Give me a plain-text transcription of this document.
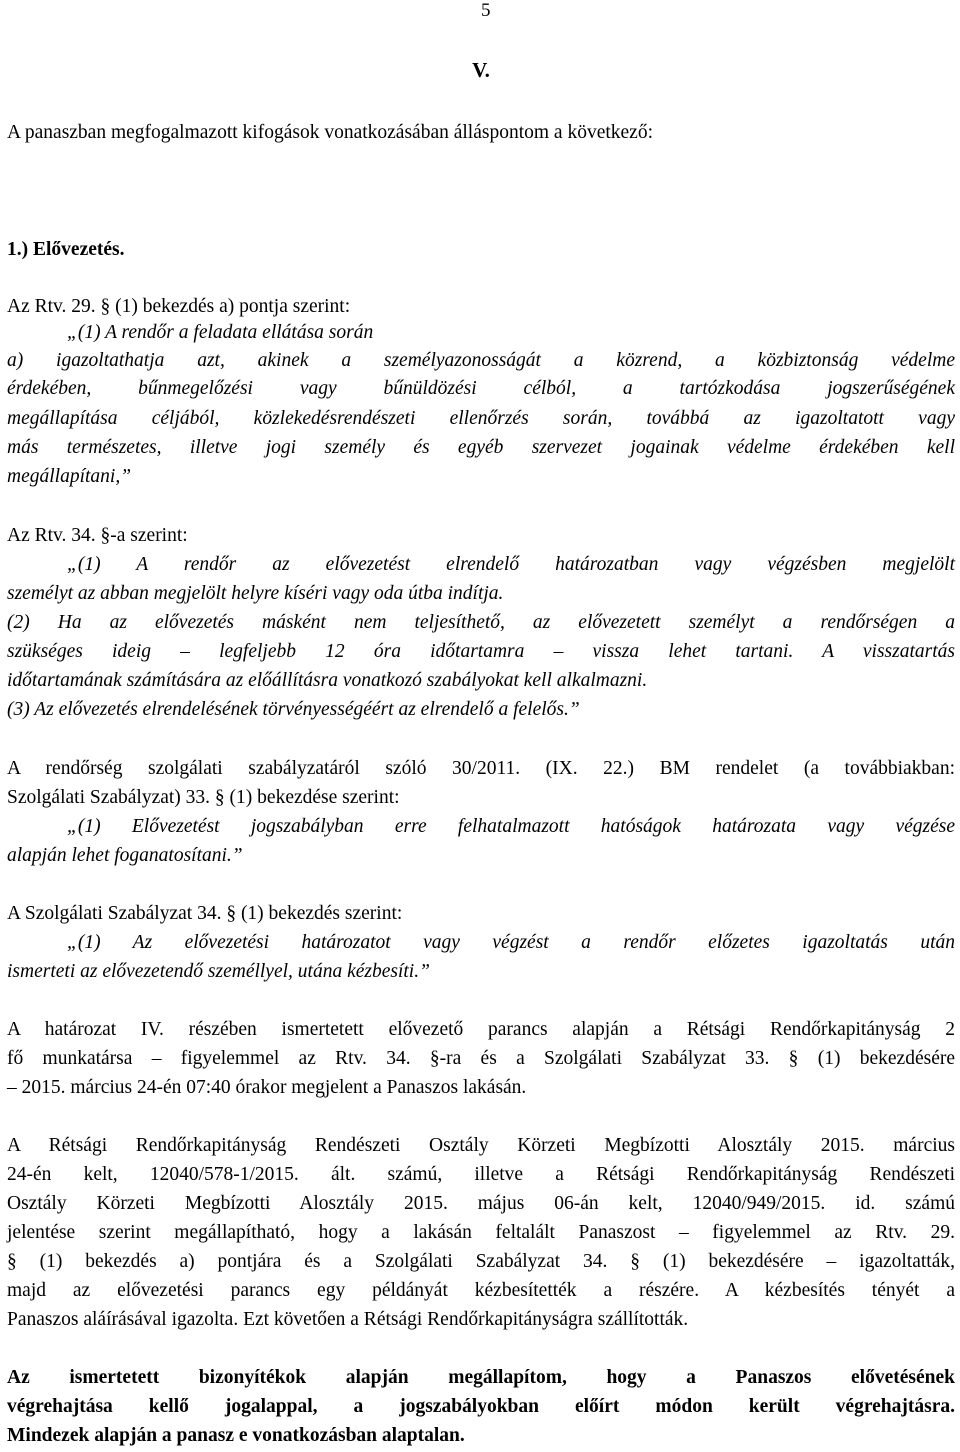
5
V.
A panaszban megfogalmazott kifogások vonatkozásában álláspontom a következő:
1.) Elővezetés.
Az Rtv. 29. § (1) bekezdés a) pontja szerint:
„(1) A rendőr a feladata ellátása során
a) igazoltathatja azt, akinek a személyazonosságát a közrend, a közbiztonság védelme
érdekében, bűnmegelőzési vagy bűnüldözési célból, a tartózkodása jogszerűségének
megállapítása céljából, közlekedésrendészeti ellenőrzés során, továbbá az igazoltatott vagy
más természetes, illetve jogi személy és egyéb szervezet jogainak védelme érdekében kell
megállapítani,”
Az Rtv. 34. §-a szerint:
„(1) A rendőr az elővezetést elrendelő határozatban vagy végzésben megjelölt
személyt az abban megjelölt helyre kíséri vagy oda útba indítja.
(2) Ha az elővezetés másként nem teljesíthető, az elővezetett személyt a rendőrségen a
szükséges ideig – legfeljebb 12 óra időtartamra – vissza lehet tartani. A visszatartás
időtartamának számítására az előállításra vonatkozó szabályokat kell alkalmazni.
(3) Az elővezetés elrendelésének törvényességéért az elrendelő a felelős.”
A rendőrség szolgálati szabályzatáról szóló 30/2011. (IX. 22.) BM rendelet (a továbbiakban:
Szolgálati Szabályzat) 33. § (1) bekezdése szerint:
„(1) Elővezetést jogszabályban erre felhatalmazott hatóságok határozata vagy végzése
alapján lehet foganatosítani.”
A Szolgálati Szabályzat 34. § (1) bekezdés szerint:
„(1) Az elővezetési határozatot vagy végzést a rendőr előzetes igazoltatás után
ismerteti az elővezetendő személlyel, utána kézbesíti.”
A határozat IV. részében ismertetett elővezető parancs alapján a Rétsági Rendőrkapitányság 2
fő munkatársa – figyelemmel az Rtv. 34. §-ra és a Szolgálati Szabályzat 33. § (1) bekezdésére
– 2015. március 24-én 07:40 órakor megjelent a Panaszos lakásán.
A Rétsági Rendőrkapitányság Rendészeti Osztály Körzeti Megbízotti Alosztály 2015. március
24-én kelt, 12040/578-1/2015. ált. számú, illetve a Rétsági Rendőrkapitányság Rendészeti
Osztály Körzeti Megbízotti Alosztály 2015. május 06-án kelt, 12040/949/2015. id. számú
jelentése szerint megállapítható, hogy a lakásán feltalált Panaszost – figyelemmel az Rtv. 29.
§ (1) bekezdés a) pontjára és a Szolgálati Szabályzat 34. § (1) bekezdésére – igazoltatták,
majd az elővezetési parancs egy példányát kézbesítették a részére. A kézbesítés tényét a
Panaszos aláírásával igazolta. Ezt követően a Rétsági Rendőrkapitányságra szállították.
Az ismertetett bizonyítékok alapján megállapítom, hogy a Panaszos elővetésének
végrehajtása kellő jogalappal, a jogszabályokban előírt módon került végrehajtásra.
Mindezek alapján a panasz e vonatkozásban alaptalan.
